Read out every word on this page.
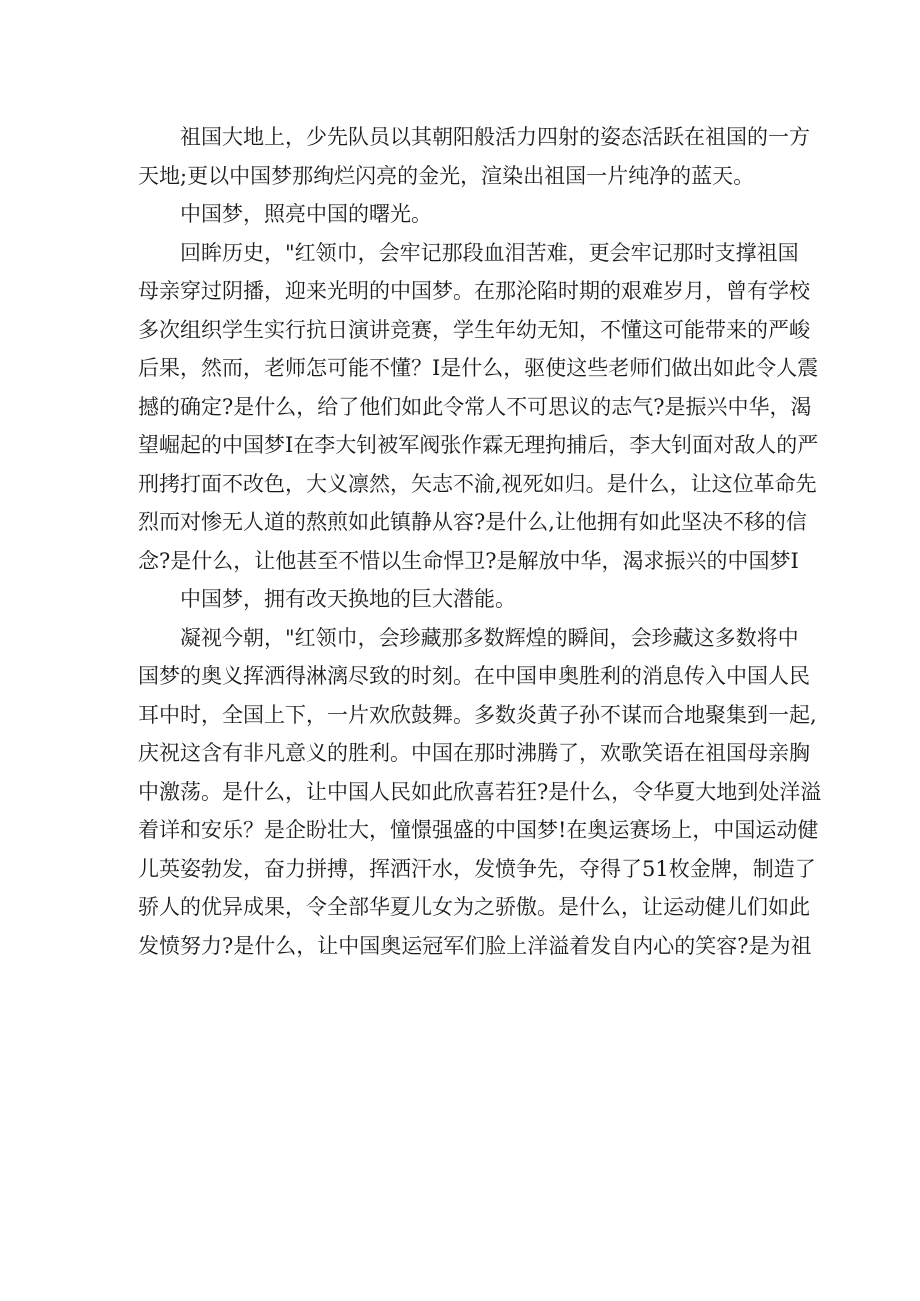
祖国大地上，少先队员以其朝阳般活力四射的姿态活跃在祖国的一方
天地;更以中国梦那绚烂闪亮的金光，渲染出祖国一片纯净的蓝天。
中国梦，照亮中国的曙光。
回眸历史，"红领巾，会牢记那段血泪苦难，更会牢记那时支撑祖国
母亲穿过阴播，迎来光明的中国梦。在那沦陷时期的艰难岁月，曾有学校
多次组织学生实行抗日演讲竞赛，学生年幼无知，不懂这可能带来的严峻
后果，然而，老师怎可能不懂？I是什么，驱使这些老师们做出如此令人震
撼的确定?是什么，给了他们如此令常人不可思议的志气?是振兴中华，渴
望崛起的中国梦I在李大钊被军阀张作霖无理拘捕后，李大钊面对敌人的严
刑拷打面不改色，大义凛然，矢志不渝,视死如归。是什么，让这位革命先
烈而对惨无人道的熬煎如此镇静从容?是什么,让他拥有如此坚决不移的信
念?是什么，让他甚至不惜以生命悍卫?是解放中华，渴求振兴的中国梦I
中国梦，拥有改天换地的巨大潜能。
凝视今朝，"红领巾，会珍藏那多数辉煌的瞬间，会珍藏这多数将中
国梦的奥义挥洒得淋漓尽致的时刻。在中国申奥胜利的消息传入中国人民
耳中时，全国上下，一片欢欣鼓舞。多数炎黄子孙不谋而合地聚集到一起,
庆祝这含有非凡意义的胜利。中国在那时沸腾了，欢歌笑语在祖国母亲胸
中激荡。是什么，让中国人民如此欣喜若狂?是什么，令华夏大地到处洋溢
着详和安乐？是企盼壮大，憧憬强盛的中国梦!在奥运赛场上，中国运动健
儿英姿勃发，奋力拼搏，挥洒汗水，发愤争先，夺得了51枚金牌，制造了
骄人的优异成果，令全部华夏儿女为之骄傲。是什么，让运动健儿们如此
发愤努力?是什么，让中国奥运冠军们脸上洋溢着发自内心的笑容?是为祖
